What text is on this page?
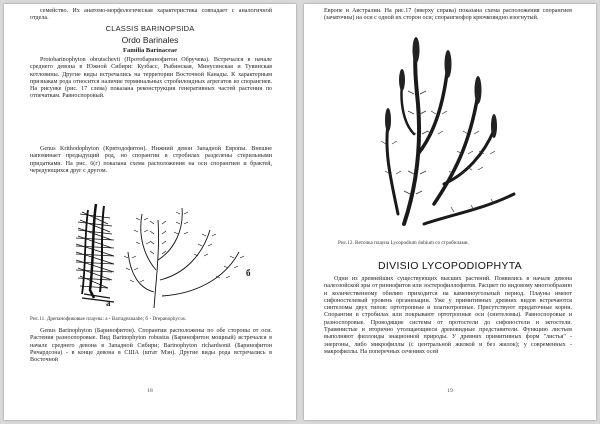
семейство. Их анатомо-морфологическая характеристика совпадает с аналогичной отдела.

CLASSIS BARINOPSIDA
Ordo Barinales
Familia Barinaceae

Protobarinophyton obrutschevii (Протобаринофитон Обручева). Встречался в начале среднего девона в Южной Сибири: Кузбасс, Рыбинская, Минусинская и Тувинская котловины. Другие виды встречались на территории Восточной Канады. К характерным признакам рода относится наличие терминальных стробилоидных агрегатов из спорангиев. На рисунке (рис. 17 слева) показана реконструкция генеративных частей растения по отпечаткам. Равноспоровый.

Genus Krithodophyton (Критодофитон). Нижний девон Западной Европы. Внешне напоминает предыдущий род, но спорангии в стробилах разделены стерильными придатками. На рис. 6(г) показана схема расположения на оси спорангиев и брактей, чередующихся друг с другом.

а
б
Рис.11. Дрепанофиковые плауны: а - Barrageanaabe; б - Drepanophycus.

Genus Barinophyton (Баринофитон). Спорангии расположены по обе стороны от оси. Растения разноспоровые. Вид Barinophyton robustus (Баринофитон мощный) встречался в начале среднего девона в Западной Сибири; Barinophyton richardsonii (Баринофитон Ричардсона) - в конце девона в США (штат Мэн). Другие виды рода встречались в Восточной

18

Европе и Австралии. На рис.17 (вверху справа) показана схема расположения спорангиев (зачаточны) на оси с одной их сторон оси; спорангиофор крючковидно изогнутый.

Рис.12. Веточка плауна Lycopodium dubium со стробилами.
DIVISIO LYCOPODIOPHYTA

Одни из древнейших существующих высших растений. Появились в начале девона палеозойской эры от риниофитов или зостерофиллофитов. Расцвет по видовому многообразию и количественному обилию приходится на каменноугольный период. Плауны имеют сифоностелевый уровень организации. Уже у примитивных древних видов встречаются синтеломы двух типов: ортотропные и плагиотропные. Присутствуют придаточные корни. Спорангии в стробилах или покрывают ортотропные оси (синтеломы). Равноспоровые и разноспоровые. Проводящие системы от протостели до сифоностели и эктостели. Травянистые и вторично утолщающиеся древовидные представители. Функцию листьев выполняют филлоиды энационной природы. У древних примитивных форм "листья" - энергоны, либо микрофиллы (с центральной жилкой и без жилок); у современных - макрофиллы. На поперечных сечениях осей

19
